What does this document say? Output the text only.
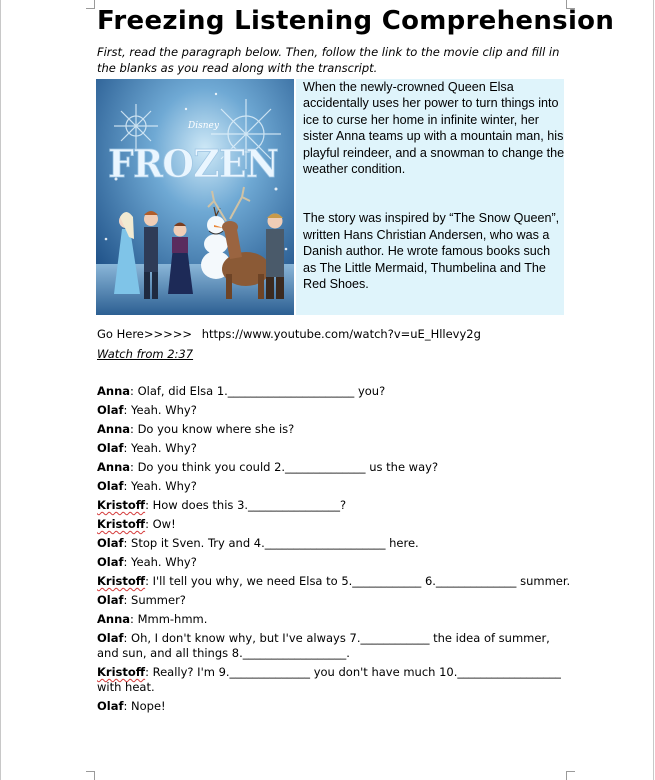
Freezing Listening Comprehension
First, read the paragraph below. Then, follow the link to the movie clip and fill in the blanks as you read along with the transcript.
Disney
FROZEN

When the newly-crowned Queen Elsa accidentally uses her power to turn things into ice to curse her home in infinite winter, her sister Anna teams up with a mountain man, his playful reindeer, and a snowman to change the weather condition.

The story was inspired by “The Snow Queen”, written Hans Christian Andersen, who was a Danish author. He wrote famous books such as The Little Mermaid, Thumbelina and The Red Shoes.

Go Here>>>>> https://www.youtube.com/watch?v=uE_Hllevy2g
Watch from 2:37
Anna: Olaf, did Elsa 1.______________________ you?
Olaf: Yeah. Why?
Anna: Do you know where she is?
Olaf: Yeah. Why?
Anna: Do you think you could 2.______________ us the way?
Olaf: Yeah. Why?
Kristoff: How does this 3.________________?
Kristoff: Ow!
Olaf: Stop it Sven. Try and 4._____________________ here.
Olaf: Yeah. Why?
Kristoff: I'll tell you why, we need Elsa to 5.____________ 6.______________ summer.
Olaf: Summer?
Anna: Mmm-hmm.
Olaf: Oh, I don't know why, but I've always 7.____________ the idea of summer, and sun, and all things 8.__________________.
Kristoff: Really? I'm 9.______________ you don't have much 10.__________________ with heat.
Olaf: Nope!
